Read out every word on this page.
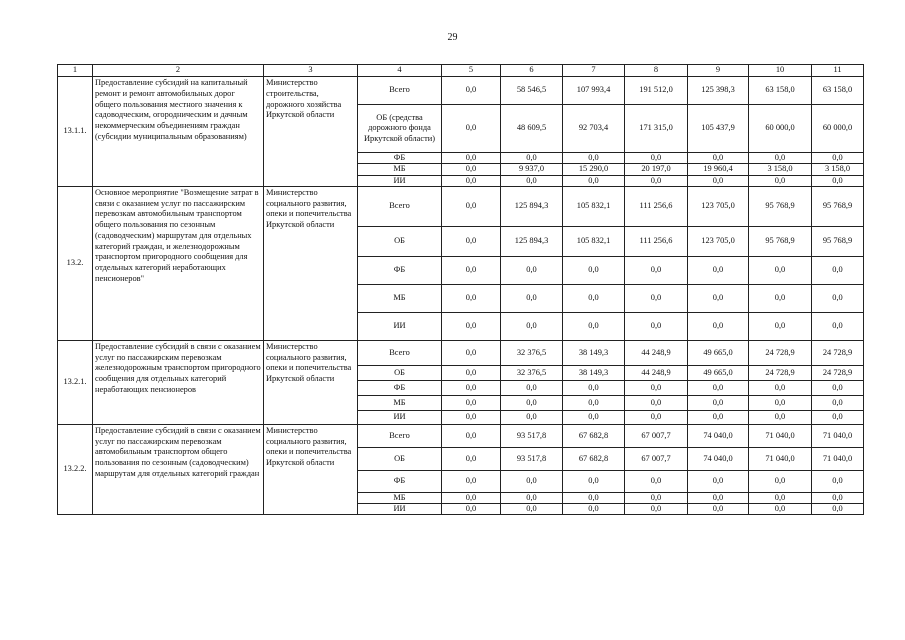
29
1	2	3	4	5	6	7	8	9	10	11
13.1.1.	Предоставление субсидий на капитальный ремонт и ремонт автомобильных дорог общего пользования местного значения к садоводческим, огородническим и дачным некоммерческим объединениям граждан (субсидии муниципальным образованиям)	Министерство строительства, дорожного хозяйства Иркутской области	Всего	0,0	58 546,5	107 993,4	191 512,0	125 398,3	63 158,0	63 158,0
			ОБ (средства дорожного фонда Иркутской области)	0,0	48 609,5	92 703,4	171 315,0	105 437,9	60 000,0	60 000,0
			ФБ	0,0	0,0	0,0	0,0	0,0	0,0	0,0
			МБ	0,0	9 937,0	15 290,0	20 197,0	19 960,4	3 158,0	3 158,0
			ИИ	0,0	0,0	0,0	0,0	0,0	0,0	0,0
13.2.	Основное мероприятие "Возмещение затрат в связи с оказанием услуг по пассажирским перевозкам автомобильным транспортом общего пользования по сезонным (садоводческим) маршрутам для отдельных категорий граждан, и железнодорожным транспортом пригородного сообщения для отдельных категорий неработающих пенсионеров"	Министерство социального развития, опеки и попечительства Иркутской области	Всего	0,0	125 894,3	105 832,1	111 256,6	123 705,0	95 768,9	95 768,9
			ОБ	0,0	125 894,3	105 832,1	111 256,6	123 705,0	95 768,9	95 768,9
			ФБ	0,0	0,0	0,0	0,0	0,0	0,0	0,0
			МБ	0,0	0,0	0,0	0,0	0,0	0,0	0,0
			ИИ	0,0	0,0	0,0	0,0	0,0	0,0	0,0
13.2.1.	Предоставление субсидий в связи с оказанием услуг по пассажирским перевозкам железнодорожным транспортом пригородного сообщения для отдельных категорий неработающих пенсионеров	Министерство социального развития, опеки и попечительства Иркутской области	Всего	0,0	32 376,5	38 149,3	44 248,9	49 665,0	24 728,9	24 728,9
			ОБ	0,0	32 376,5	38 149,3	44 248,9	49 665,0	24 728,9	24 728,9
			ФБ	0,0	0,0	0,0	0,0	0,0	0,0	0,0
			МБ	0,0	0,0	0,0	0,0	0,0	0,0	0,0
			ИИ	0,0	0,0	0,0	0,0	0,0	0,0	0,0
13.2.2.	Предоставление субсидий в связи с оказанием услуг по пассажирским перевозкам автомобильным транспортом общего пользования по сезонным (садоводческим) маршрутам для отдельных категорий граждан	Министерство социального развития, опеки и попечительства Иркутской области	Всего	0,0	93 517,8	67 682,8	67 007,7	74 040,0	71 040,0	71 040,0
			ОБ	0,0	93 517,8	67 682,8	67 007,7	74 040,0	71 040,0	71 040,0
			ФБ	0,0	0,0	0,0	0,0	0,0	0,0	0,0
			МБ	0,0	0,0	0,0	0,0	0,0	0,0	0,0
			ИИ	0,0	0,0	0,0	0,0	0,0	0,0	0,0
